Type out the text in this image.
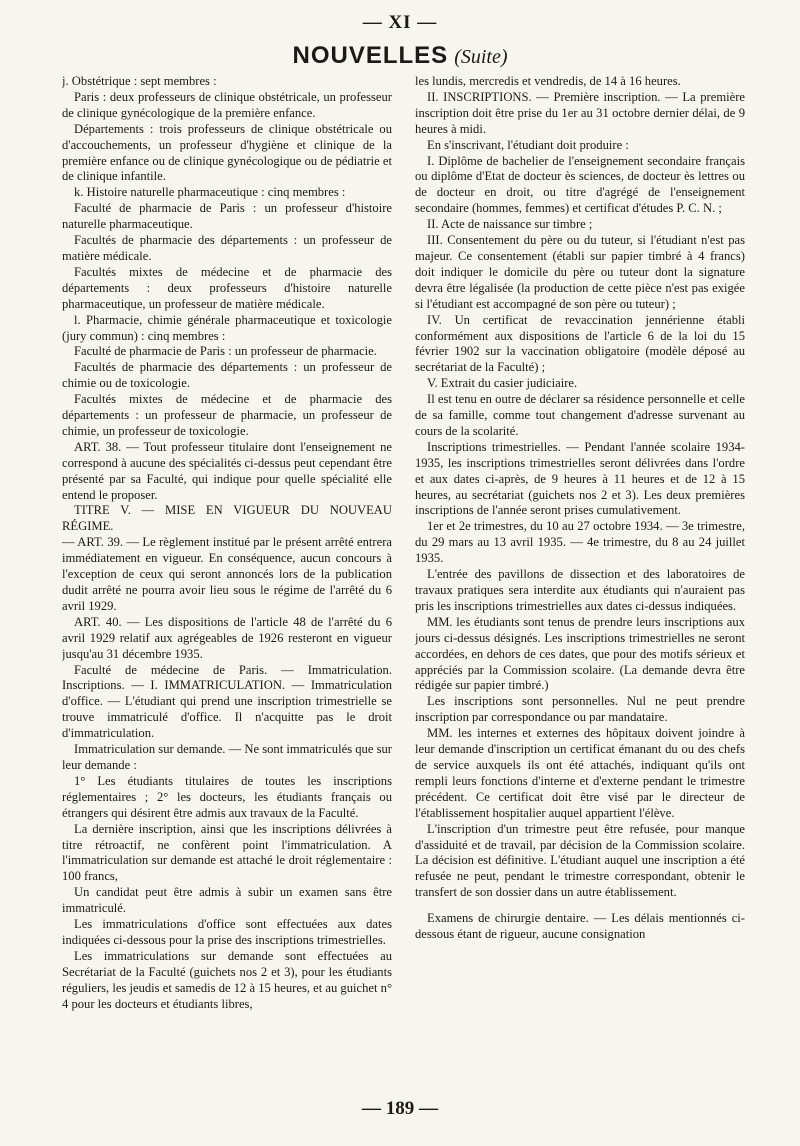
— XI —
NOUVELLES (Suite)

j. Obstétrique : sept membres :

Paris : deux professeurs de clinique obstétricale, un professeur de clinique gynécologique de la première enfance.

Départements : trois professeurs de clinique obstétricale ou d'accouchements, un professeur d'hygiène et clinique de la première enfance ou de clinique gynécologique ou de pédiatrie et de clinique infantile.

k. Histoire naturelle pharmaceutique : cinq membres :

Faculté de pharmacie de Paris : un professeur d'histoire naturelle pharmaceutique.

Facultés de pharmacie des départements : un professeur de matière médicale.

Facultés mixtes de médecine et de pharmacie des départements : deux professeurs d'histoire naturelle pharmaceutique, un professeur de matière médicale.

l. Pharmacie, chimie générale pharmaceutique et toxicologie (jury commun) : cinq membres :

Faculté de pharmacie de Paris : un professeur de pharmacie.

Facultés de pharmacie des départements : un professeur de chimie ou de toxicologie.

Facultés mixtes de médecine et de pharmacie des départements : un professeur de pharmacie, un professeur de chimie, un professeur de toxicologie.

ART. 38. — Tout professeur titulaire dont l'enseignement ne correspond à aucune des spécialités ci-dessus peut cependant être présenté par sa Faculté, qui indique pour quelle spécialité elle entend le proposer.

TITRE V. — MISE EN VIGUEUR DU NOUVEAU RÉGIME.

— ART. 39. — Le règlement institué par le présent arrêté entrera immédiatement en vigueur. En conséquence, aucun concours à l'exception de ceux qui seront annoncés lors de la publication dudit arrêté ne pourra avoir lieu sous le régime de l'arrêté du 6 avril 1929.

ART. 40. — Les dispositions de l'article 48 de l'arrêté du 6 avril 1929 relatif aux agrégeables de 1926 resteront en vigueur jusqu'au 31 décembre 1935.

Faculté de médecine de Paris. — Immatriculation. Inscriptions. — I. IMMATRICULATION. — Immatriculation d'office. — L'étudiant qui prend une inscription trimestrielle se trouve immatriculé d'office. Il n'acquitte pas le droit d'immatriculation.

Immatriculation sur demande. — Ne sont immatriculés que sur leur demande :

1° Les étudiants titulaires de toutes les inscriptions réglementaires ; 2° les docteurs, les étudiants français ou étrangers qui désirent être admis aux travaux de la Faculté.

La dernière inscription, ainsi que les inscriptions délivrées à titre rétroactif, ne confèrent point l'immatriculation. A l'immatriculation sur demande est attaché le droit réglementaire : 100 francs,

Un candidat peut être admis à subir un examen sans être immatriculé.

Les immatriculations d'office sont effectuées aux dates indiquées ci-dessous pour la prise des inscriptions trimestrielles.

Les immatriculations sur demande sont effectuées au Secrétariat de la Faculté (guichets nos 2 et 3), pour les étudiants réguliers, les jeudis et samedis de 12 à 15 heures, et au guichet n° 4 pour les docteurs et étudiants libres,

les lundis, mercredis et vendredis, de 14 à 16 heures.

II. INSCRIPTIONS. — Première inscription. — La première inscription doit être prise du 1er au 31 octobre dernier délai, de 9 heures à midi.

En s'inscrivant, l'étudiant doit produire :

I. Diplôme de bachelier de l'enseignement secondaire français ou diplôme d'Etat de docteur ès sciences, de docteur ès lettres ou de docteur en droit, ou titre d'agrégé de l'enseignement secondaire (hommes, femmes) et certificat d'études P. C. N. ;

II. Acte de naissance sur timbre ;

III. Consentement du père ou du tuteur, si l'étudiant n'est pas majeur. Ce consentement (établi sur papier timbré à 4 francs) doit indiquer le domicile du père ou tuteur dont la signature devra être légalisée (la production de cette pièce n'est pas exigée si l'étudiant est accompagné de son père ou tuteur) ;

IV. Un certificat de revaccination jennérienne établi conformément aux dispositions de l'article 6 de la loi du 15 février 1902 sur la vaccination obligatoire (modèle déposé au secrétariat de la Faculté) ;

V. Extrait du casier judiciaire.

Il est tenu en outre de déclarer sa résidence personnelle et celle de sa famille, comme tout changement d'adresse survenant au cours de la scolarité.

Inscriptions trimestrielles. — Pendant l'année scolaire 1934-1935, les inscriptions trimestrielles seront délivrées dans l'ordre et aux dates ci-après, de 9 heures à 11 heures et de 12 à 15 heures, au secrétariat (guichets nos 2 et 3). Les deux premières inscriptions de l'année seront prises cumulativement.

1er et 2e trimestres, du 10 au 27 octobre 1934. — 3e trimestre, du 29 mars au 13 avril 1935. — 4e trimestre, du 8 au 24 juillet 1935.

L'entrée des pavillons de dissection et des laboratoires de travaux pratiques sera interdite aux étudiants qui n'auraient pas pris les inscriptions trimestrielles aux dates ci-dessus indiquées.

MM. les étudiants sont tenus de prendre leurs inscriptions aux jours ci-dessus désignés. Les inscriptions trimestrielles ne seront accordées, en dehors de ces dates, que pour des motifs sérieux et appréciés par la Commission scolaire. (La demande devra être rédigée sur papier timbré.)

Les inscriptions sont personnelles. Nul ne peut prendre inscription par correspondance ou par mandataire.

MM. les internes et externes des hôpitaux doivent joindre à leur demande d'inscription un certificat émanant du ou des chefs de service auxquels ils ont été attachés, indiquant qu'ils ont rempli leurs fonctions d'interne et d'externe pendant le trimestre précédent. Ce certificat doit être visé par le directeur de l'établissement hospitalier auquel appartient l'élève.

L'inscription d'un trimestre peut être refusée, pour manque d'assiduité et de travail, par décision de la Commission scolaire. La décision est définitive. L'étudiant auquel une inscription a été refusée ne peut, pendant le trimestre correspondant, obtenir le transfert de son dossier dans un autre établissement.

Examens de chirurgie dentaire. — Les délais mentionnés ci-dessous étant de rigueur, aucune consignation

— 189 —
